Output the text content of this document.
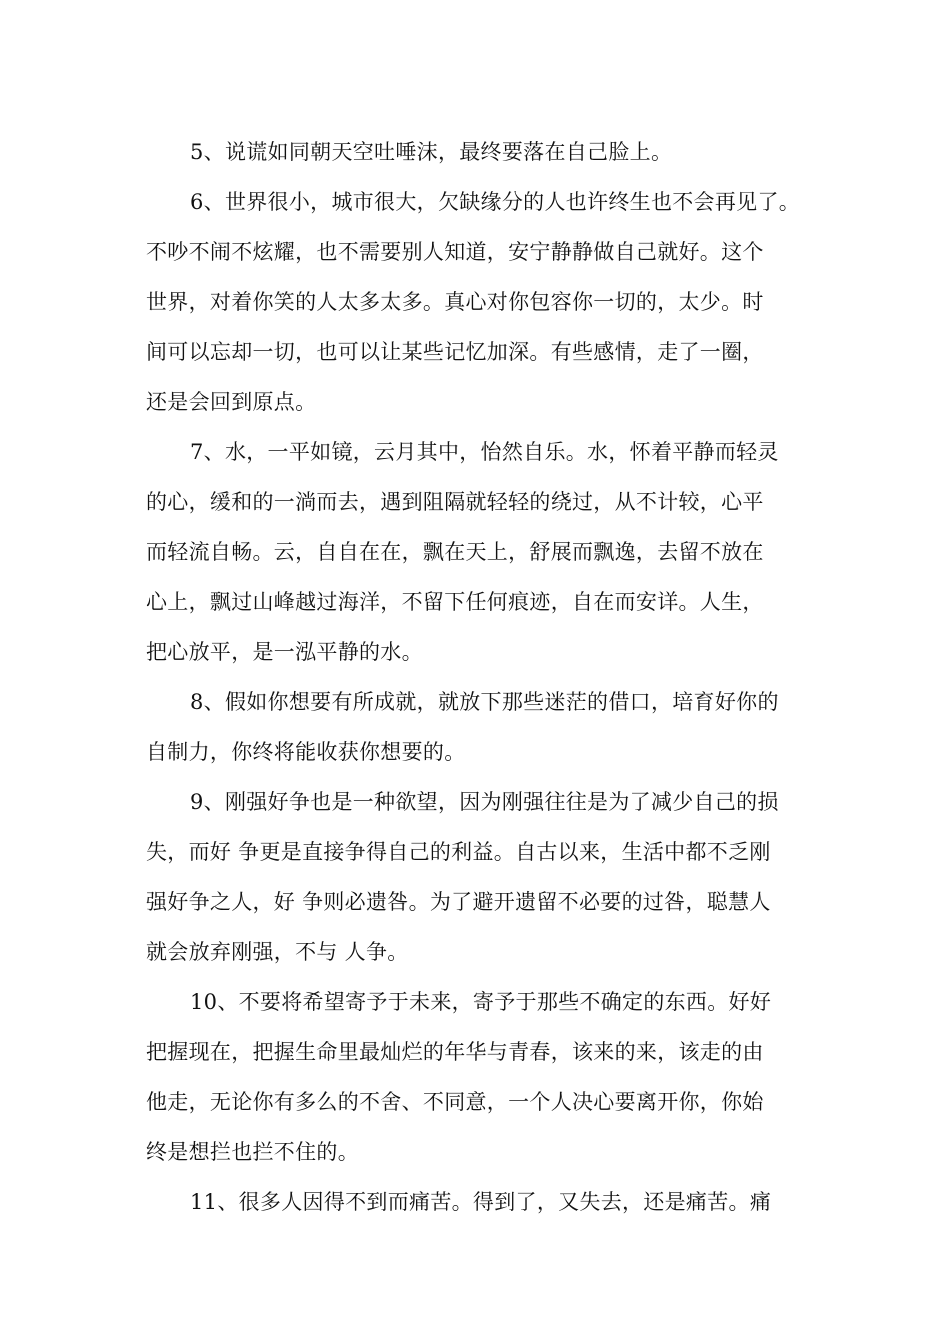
5、说谎如同朝天空吐唾沫，最终要落在自己脸上。
6、世界很小，城市很大，欠缺缘分的人也许终生也不会再见了。
不吵不闹不炫耀，也不需要别人知道，安宁静静做自己就好。这个
世界，对着你笑的人太多太多。真心对你包容你一切的，太少。时
间可以忘却一切，也可以让某些记忆加深。有些感情，走了一圈，
还是会回到原点。
7、水，一平如镜，云月其中，怡然自乐。水，怀着平静而轻灵
的心，缓和的一淌而去，遇到阻隔就轻轻的绕过，从不计较，心平
而轻流自畅。云，自自在在，飘在天上，舒展而飘逸，去留不放在
心上，飘过山峰越过海洋，不留下任何痕迹，自在而安详。人生，
把心放平，是一泓平静的水。
8、假如你想要有所成就，就放下那些迷茫的借口，培育好你的
自制力，你终将能收获你想要的。
9、刚强好争也是一种欲望，因为刚强往往是为了减少自己的损
失，而好 争更是直接争得自己的利益。自古以来，生活中都不乏刚
强好争之人，好 争则必遗咎。为了避开遗留不必要的过咎，聪慧人
就会放弃刚强，不与 人争。
10、不要将希望寄予于未来，寄予于那些不确定的东西。好好
把握现在，把握生命里最灿烂的年华与青春，该来的来，该走的由
他走，无论你有多么的不舍、不同意，一个人决心要离开你，你始
终是想拦也拦不住的。
11、很多人因得不到而痛苦。得到了，又失去，还是痛苦。痛
